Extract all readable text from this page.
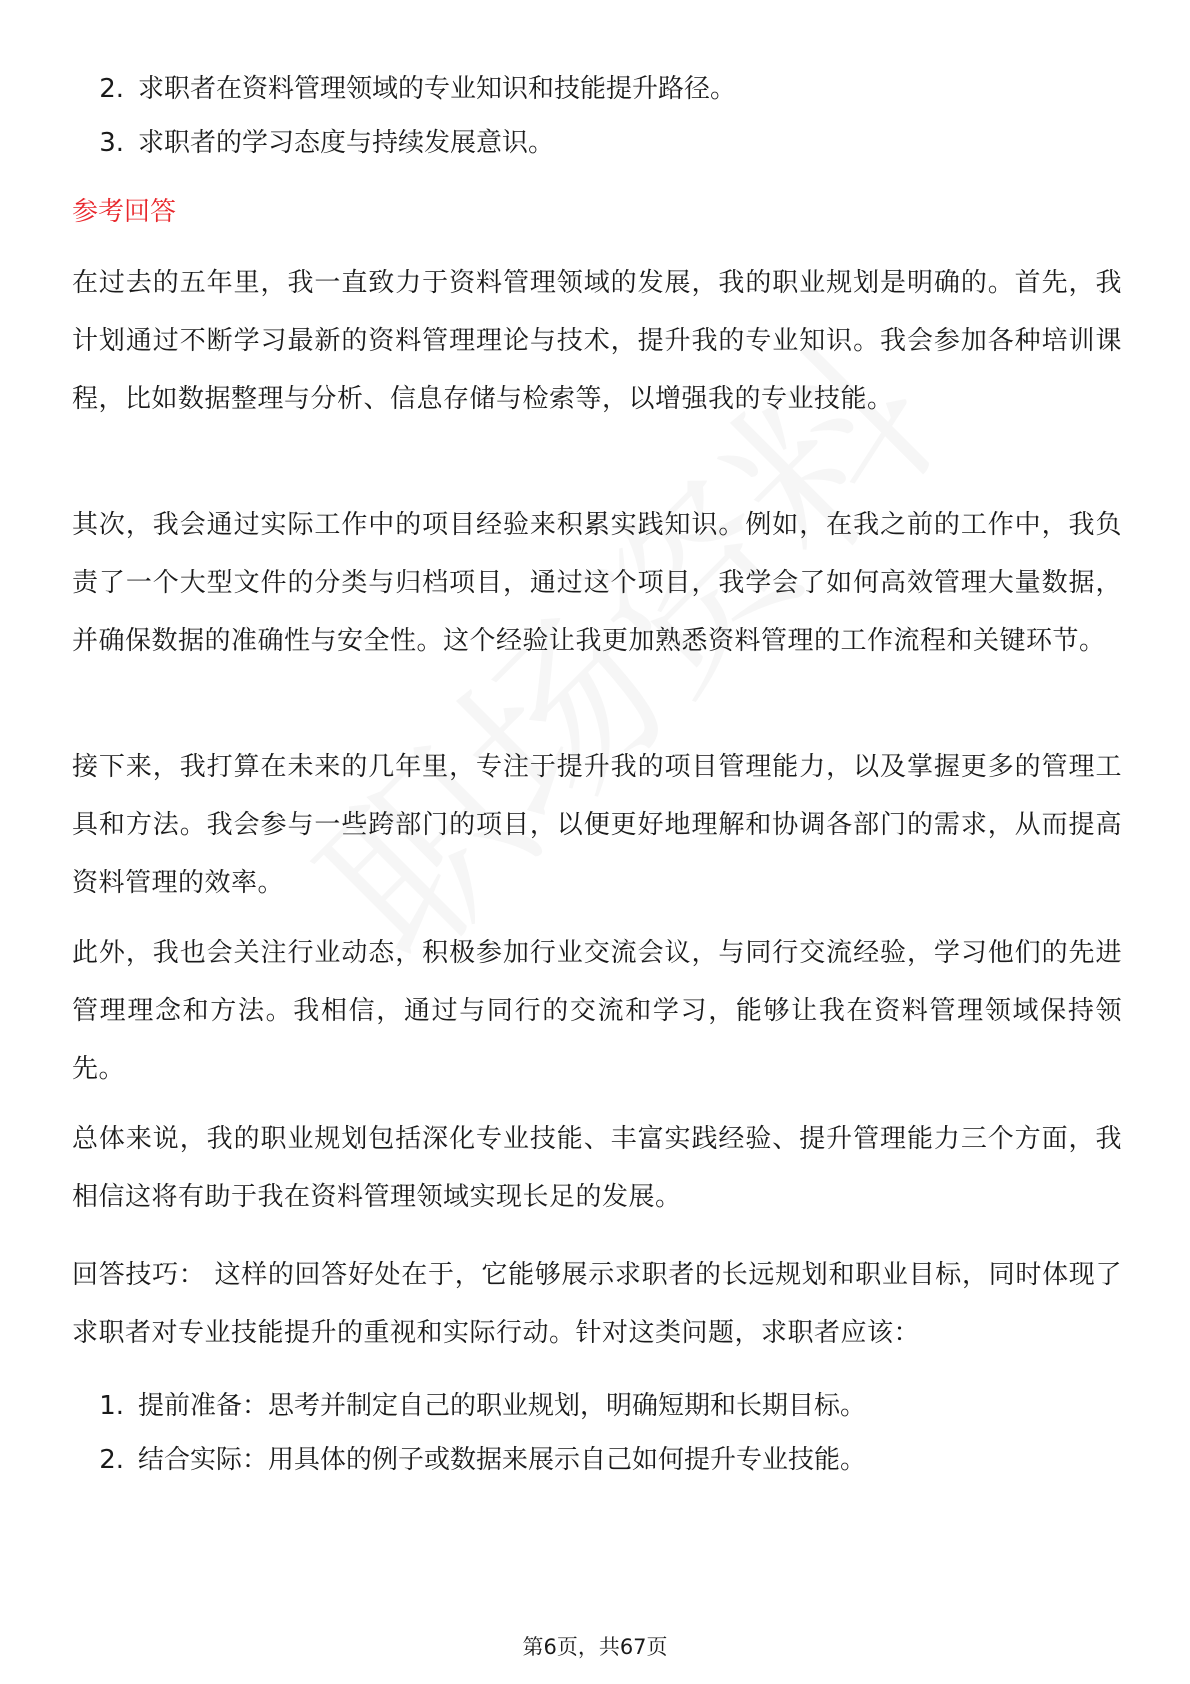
2. 求职者在资料管理领域的专业知识和技能提升路径。
3. 求职者的学习态度与持续发展意识。
参考回答
在过去的五年里，我一直致力于资料管理领域的发展，我的职业规划是明确的。首先，我计划通过不断学习最新的资料管理理论与技术，提升我的专业知识。我会参加各种培训课程，比如数据整理与分析、信息存储与检索等，以增强我的专业技能。
其次，我会通过实际工作中的项目经验来积累实践知识。例如，在我之前的工作中，我负责了一个大型文件的分类与归档项目，通过这个项目，我学会了如何高效管理大量数据，并确保数据的准确性与安全性。这个经验让我更加熟悉资料管理的工作流程和关键环节。
接下来，我打算在未来的几年里，专注于提升我的项目管理能力，以及掌握更多的管理工具和方法。我会参与一些跨部门的项目，以便更好地理解和协调各部门的需求，从而提高资料管理的效率。
此外，我也会关注行业动态，积极参加行业交流会议，与同行交流经验，学习他们的先进管理理念和方法。我相信，通过与同行的交流和学习，能够让我在资料管理领域保持领先。
总体来说，我的职业规划包括深化专业技能、丰富实践经验、提升管理能力三个方面，我相信这将有助于我在资料管理领域实现长足的发展。
回答技巧： 这样的回答好处在于，它能够展示求职者的长远规划和职业目标，同时体现了求职者对专业技能提升的重视和实际行动。针对这类问题，求职者应该：
1. 提前准备：思考并制定自己的职业规划，明确短期和长期目标。
2. 结合实际：用具体的例子或数据来展示自己如何提升专业技能。
第6页，共67页
